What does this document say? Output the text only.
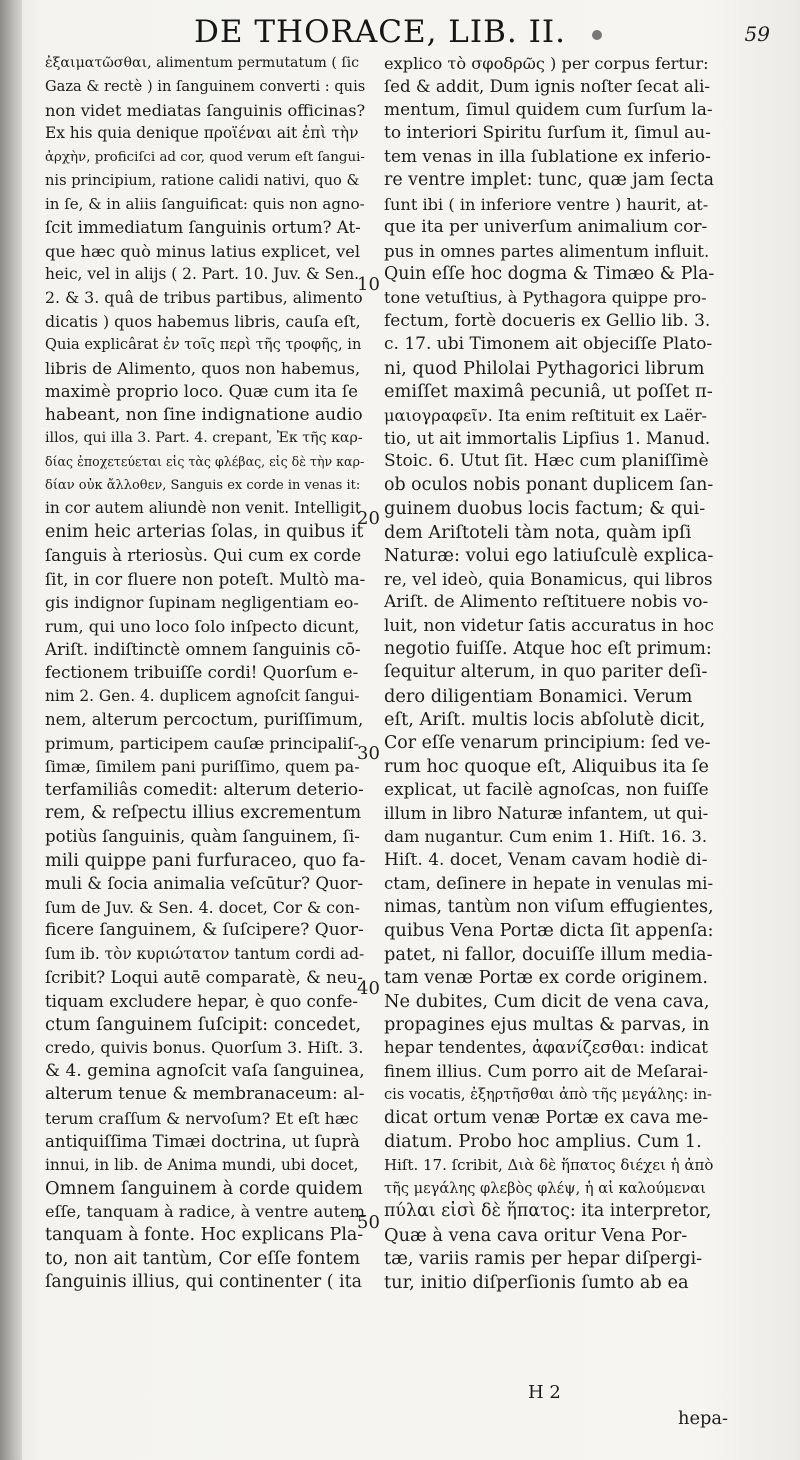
DE THORACE, LIB. II.	59
ἐξαιματῶσθαι, alimentum permutatum ( ſic
Gaza & rectè ) in ſanguinem converti : quis
non videt mediatas ſanguinis officinas?
Ex his quia denique προϊέναι ait ἐπὶ τὴν
ἀρχὴν, proficiſci ad cor, quod verum eſt ſangui-
nis principium, ratione calidi nativi, quo &
in ſe, & in aliis ſanguificat: quis non agno-
ſcit immediatum ſanguinis ortum? At-
que hæc quò minus latius explicet, vel
heic, vel in alijs ( 2. Part. 10. Juv. & Sen.
2. & 3. quâ de tribus partibus, alimento
dicatis ) quos habemus libris, cauſa eſt,
Quia explicârat ἐν τοῖς περὶ τῆς τροφῆς, in
libris de Alimento, quos non habemus,
maximè proprio loco. Quæ cum ita ſe
habeant, non ſine indignatione audio
illos, qui illa 3. Part. 4. crepant, Ἐκ τῆς καρ-
δίας ἐποχετεύεται εἰς τὰς φλέβας, εἰς δὲ τὴν καρ-
δίαν οὐκ ἄλλοθεν, Sanguis ex corde in venas it:
in cor autem aliundè non venit. Intelligit
enim heic arterias ſolas, in quibus it
ſanguis à rteriosùs. Qui cum ex corde
ſit, in cor fluere non poteſt. Multò ma-
gis indignor ſupinam negligentiam eo-
rum, qui uno loco ſolo inſpecto dicunt,
Ariſt. indiſtinctè omnem ſanguinis cō-
fectionem tribuiſſe cordi! Quorſum e-
nim 2. Gen. 4. duplicem agnoſcit ſangui-
nem, alterum percoctum, puriſſimum,
primum, participem cauſæ principaliſ-
ſimæ, ſimilem pani puriſſimo, quem pa-
terfamiliâs comedit: alterum deterio-
rem, & reſpectu illius excrementum
potiùs ſanguinis, quàm ſanguinem, ſi-
mili quippe pani furfuraceo, quo fa-
muli & ſocia animalia veſcūtur? Quor-
ſum de Juv. & Sen. 4. docet, Cor & con-
ficere ſanguinem, & ſuſcipere? Quor-
ſum ib. τὸν κυριώτατον tantum cordi ad-
ſcribit? Loqui autē comparatè, & neu-
tiquam excludere hepar, è quo confe-
ctum ſanguinem ſuſcipit: concedet,
credo, quivis bonus. Quorſum 3. Hiſt. 3.
& 4. gemina agnoſcit vaſa ſanguinea,
alterum tenue & membranaceum: al-
terum craſſum & nervoſum? Et eſt hæc
antiquiſſima Timæi doctrina, ut ſuprà
innui, in lib. de Anima mundi, ubi docet,
Omnem ſanguinem à corde quidem
eſſe, tanquam à radice, à ventre autem
tanquam à fonte. Hoc explicans Pla-
to, non ait tantùm, Cor eſſe fontem
ſanguinis illius, qui continenter ( ita
explico τὸ σφοδρῶς ) per corpus fertur:
ſed & addit, Dum ignis noſter ſecat ali-
mentum, ſimul quidem cum ſurſum la-
to interiori Spiritu ſurſum it, ſimul au-
tem venas in illa ſublatione ex inferio-
re ventre implet: tunc, quæ jam ſecta
ſunt ibi ( in inferiore ventre ) haurit, at-
que ita per univerſum animalium cor-
pus in omnes partes alimentum influit.
Quin eſſe hoc dogma & Timæo & Pla-
tone vetuſtius, à Pythagora quippe pro-
fectum, fortè docueris ex Gellio lib. 3.
c. 17. ubi Timonem ait objeciſſe Plato-
ni, quod Philolai Pythagorici librum
emiſſet maximâ pecuniâ, ut poſſet π-
μαιογραφεῖν. Ita enim reſtituit ex Laër-
tio, ut ait immortalis Lipſius 1. Manud.
Stoic. 6. Utut ſit. Hæc cum planiſſimè
ob oculos nobis ponant duplicem ſan-
guinem duobus locis factum; & qui-
dem Ariſtoteli tàm nota, quàm ipſi
Naturæ: volui ego latiuſculè explica-
re, vel ideò, quia Bonamicus, qui libros
Ariſt. de Alimento reſtituere nobis vo-
luit, non videtur ſatis accuratus in hoc
negotio fuiſſe. Atque hoc eſt primum:
ſequitur alterum, in quo pariter deſi-
dero diligentiam Bonamici. Verum
eſt, Ariſt. multis locis abſolutè dicit,
Cor eſſe venarum principium: ſed ve-
rum hoc quoque eſt, Aliquibus ita ſe
explicat, ut facilè agnoſcas, non fuiſſe
illum in libro Naturæ infantem, ut qui-
dam nugantur. Cum enim 1. Hiſt. 16. 3.
Hiſt. 4. docet, Venam cavam hodiè di-
ctam, deſinere in hepate in venulas mi-
nimas, tantùm non viſum effugientes,
quibus Vena Portæ dicta ſit appenſa:
patet, ni fallor, docuiſſe illum media-
tam venæ Portæ ex corde originem.
Ne dubites, Cum dicit de vena cava,
propagines ejus multas & parvas, in
hepar tendentes, ἀφανίζεσθαι: indicat
finem illius. Cum porro ait de Meſarai-
cis vocatis, ἐξηρτῆσθαι ἀπὸ τῆς μεγάλης: in-
dicat ortum venæ Portæ ex cava me-
diatum. Probo hoc amplius. Cum 1.
Hiſt. 17. ſcribit, Διὰ δὲ ἥπατος διέχει ἡ ἀπὸ
τῆς μεγάλης φλεβὸς φλέψ, ἡ αἱ καλούμεναι
πύλαι εἰσὶ δὲ ἥπατος: ita interpretor,
Quæ à vena cava oritur Vena Por-
tæ, variis ramis per hepar diſpergi-
tur, initio diſperſionis ſumto ab ea
10
20
30
40
50
H 2
hepa-
